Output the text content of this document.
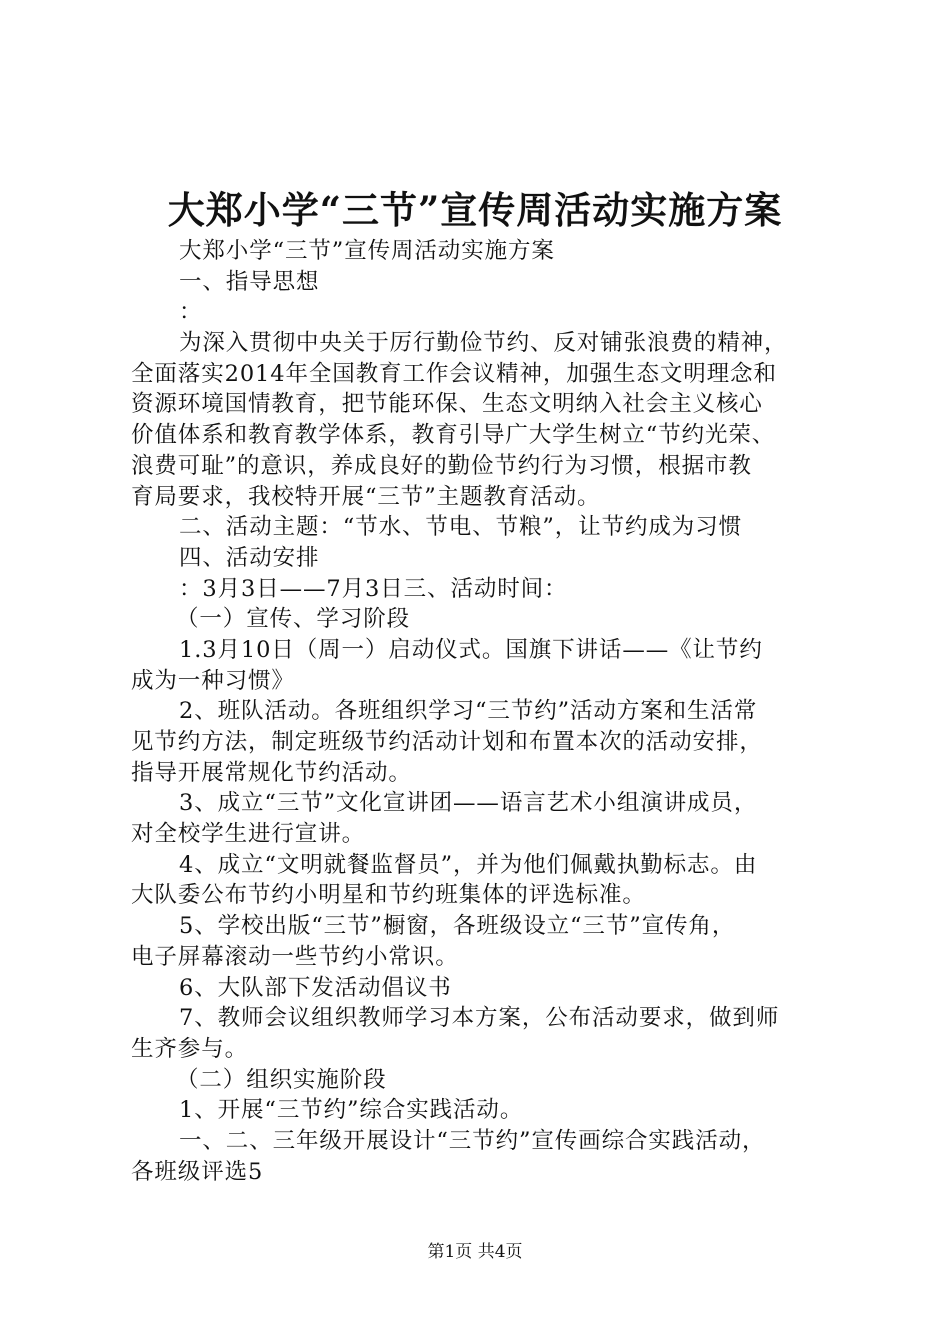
大郑小学“三节”宣传周活动实施方案
大郑小学“三节”宣传周活动实施方案
一、指导思想
：
为深入贯彻中央关于厉行勤俭节约、反对铺张浪费的精神，
全面落实2014年全国教育工作会议精神，加强生态文明理念和
资源环境国情教育，把节能环保、生态文明纳入社会主义核心
价值体系和教育教学体系，教育引导广大学生树立“节约光荣、
浪费可耻”的意识，养成良好的勤俭节约行为习惯，根据市教
育局要求，我校特开展“三节”主题教育活动。
二、活动主题：“节水、节电、节粮”，让节约成为习惯
四、活动安排
：3月3日——7月3日三、活动时间：
（一）宣传、学习阶段
1.3月10日（周一）启动仪式。国旗下讲话——《让节约
成为一种习惯》
2、班队活动。各班组织学习“三节约”活动方案和生活常
见节约方法，制定班级节约活动计划和布置本次的活动安排，
指导开展常规化节约活动。
3、成立“三节”文化宣讲团——语言艺术小组演讲成员，
对全校学生进行宣讲。
4、成立“文明就餐监督员”，并为他们佩戴执勤标志。由
大队委公布节约小明星和节约班集体的评选标准。
5、学校出版“三节”橱窗，各班级设立“三节”宣传角，
电子屏幕滚动一些节约小常识。
6、大队部下发活动倡议书
7、教师会议组织教师学习本方案，公布活动要求，做到师
生齐参与。
（二）组织实施阶段
1、开展“三节约”综合实践活动。
一、二、三年级开展设计“三节约”宣传画综合实践活动，
各班级评选5
第1页 共4页
